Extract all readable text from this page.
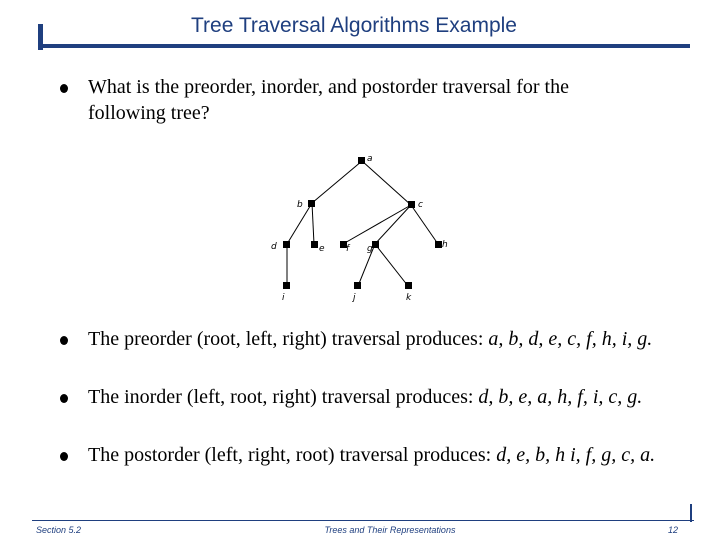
Tree Traversal Algorithms Example
What is the preorder, inorder, and postorder traversal for the following tree?
a
b	c
d	e f g	h
i	j	k
The preorder (root, left, right) traversal produces: a, b, d, e, c, f, h, i, g.
The inorder (left, root, right) traversal produces: d, b, e, a, h, f, i, c, g.
The postorder (left, right, root) traversal produces: d, e, b, h i, f, g, c, a.
Section 5.2	Trees and Their Representations	12
